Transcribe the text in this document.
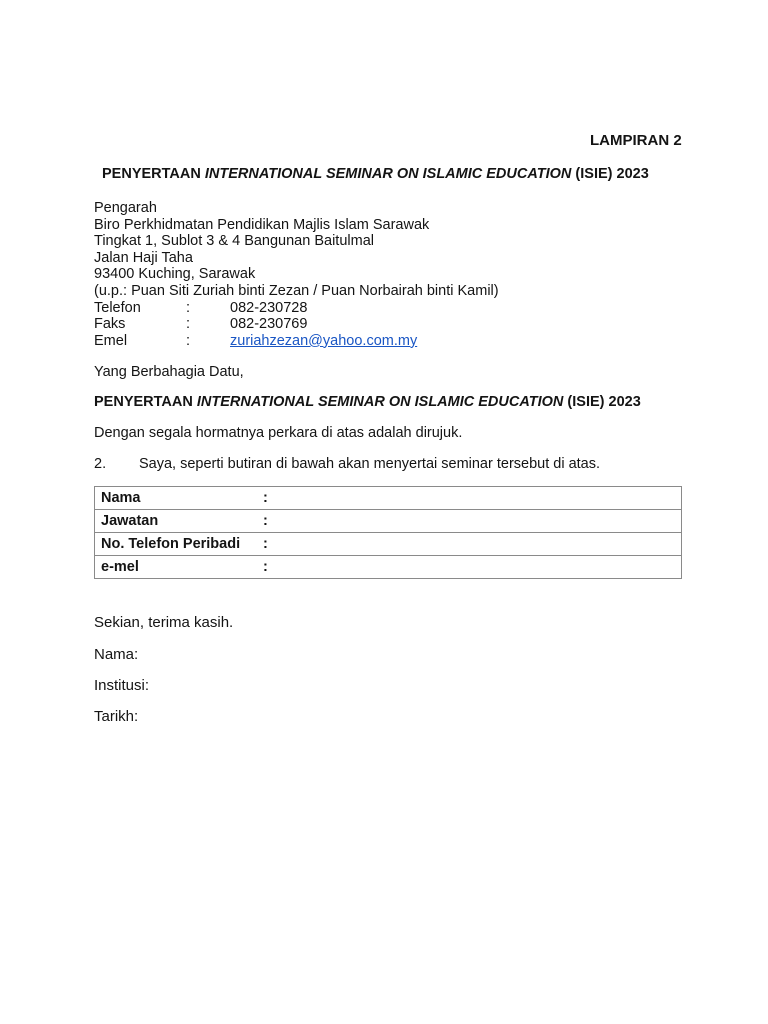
LAMPIRAN 2
PENYERTAAN INTERNATIONAL SEMINAR ON ISLAMIC EDUCATION (ISIE) 2023
Pengarah
Biro Perkhidmatan Pendidikan Majlis Islam Sarawak
Tingkat 1, Sublot 3 & 4 Bangunan Baitulmal
Jalan Haji Taha
93400 Kuching, Sarawak
(u.p.: Puan Siti Zuriah binti Zezan / Puan Norbairah binti Kamil)
Telefon	:	082-230728
Faks	:	082-230769
Emel	:	zuriahzezan@yahoo.com.my
Yang Berbahagia Datu,
PENYERTAAN INTERNATIONAL SEMINAR ON ISLAMIC EDUCATION (ISIE) 2023
Dengan segala hormatnya perkara di atas adalah dirujuk.
2. Saya, seperti butiran di bawah akan menyertai seminar tersebut di atas.
Nama	:
Jawatan	:
No. Telefon Peribadi	:
e-mel	:
Sekian, terima kasih.
Nama:
Institusi:
Tarikh:
